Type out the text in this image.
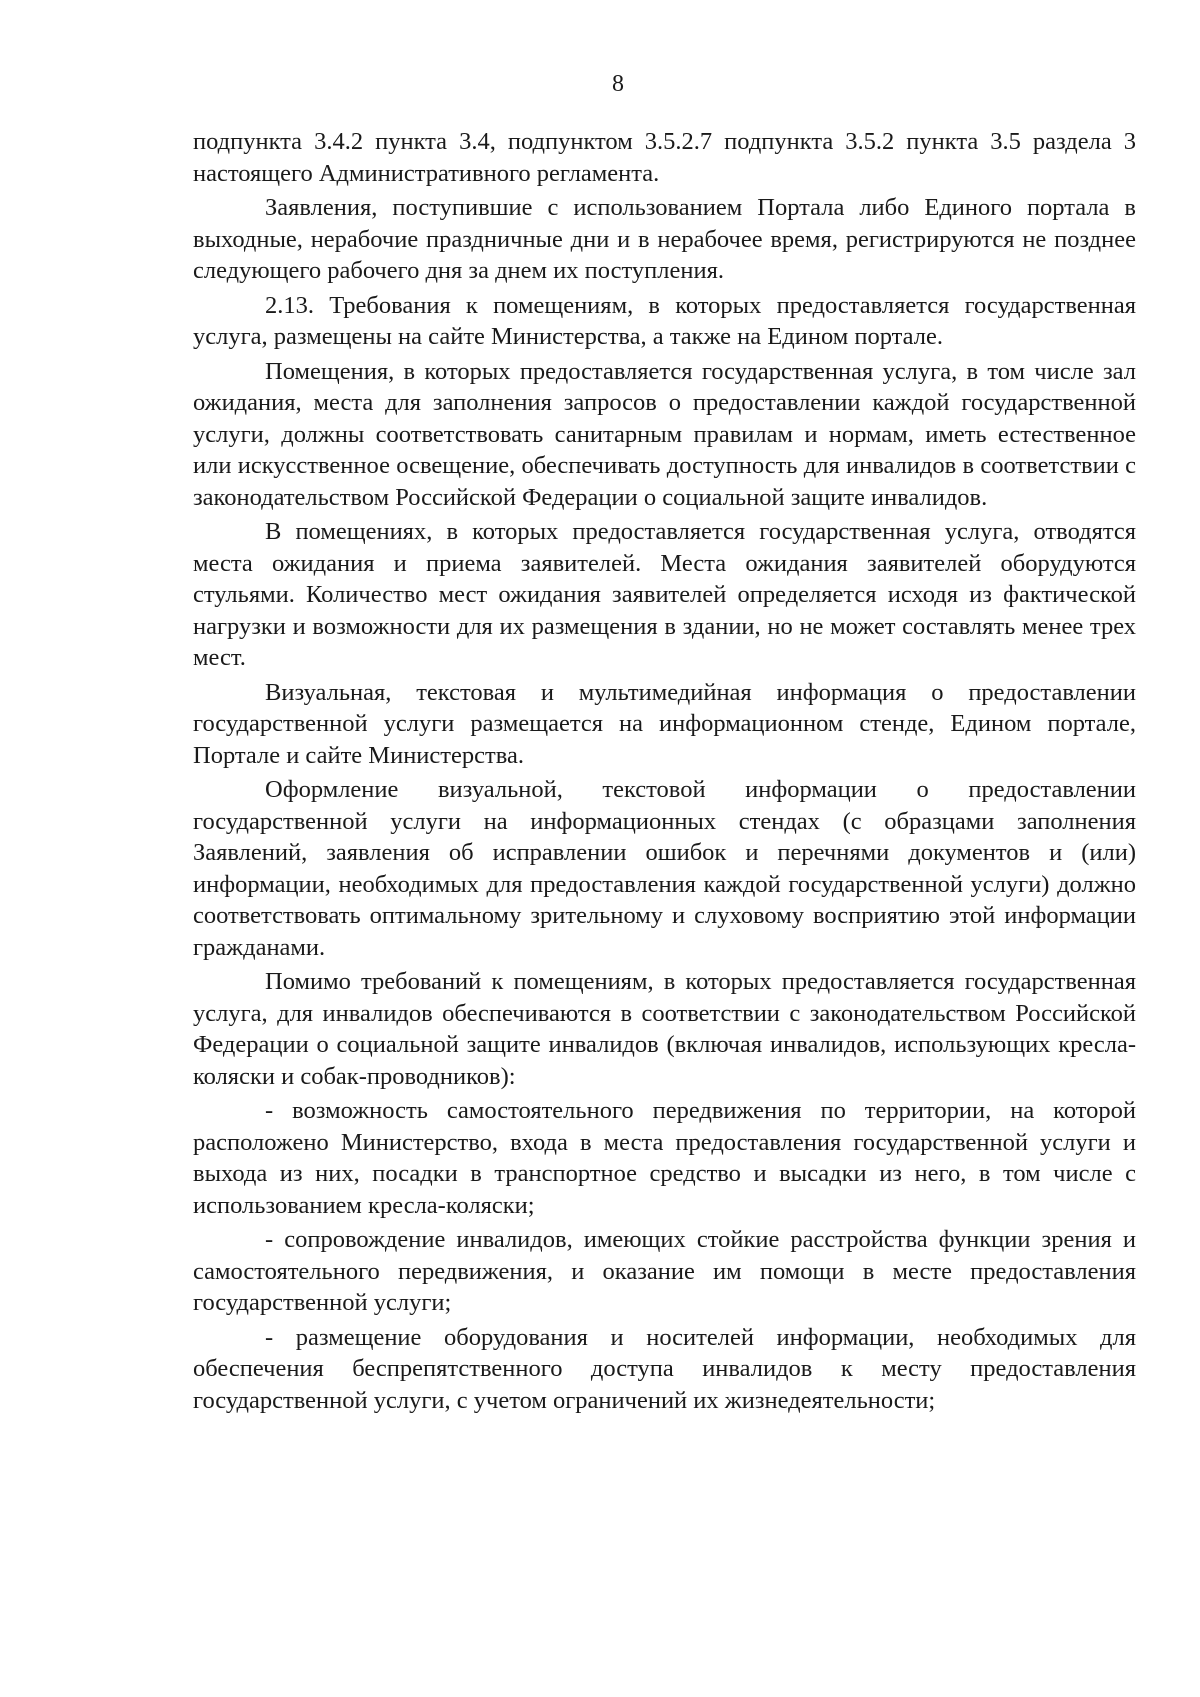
8

подпункта 3.4.2 пункта 3.4, подпунктом 3.5.2.7 подпункта 3.5.2 пункта 3.5 раздела 3 настоящего Административного регламента.

Заявления, поступившие с использованием Портала либо Единого портала в выходные, нерабочие праздничные дни и в нерабочее время, регистрируются не позднее следующего рабочего дня за днем их поступления.

2.13. Требования к помещениям, в которых предоставляется государственная услуга, размещены на сайте Министерства, а также на Едином портале.

Помещения, в которых предоставляется государственная услуга, в том числе зал ожидания, места для заполнения запросов о предоставлении каждой государственной услуги, должны соответствовать санитарным правилам и нормам, иметь естественное или искусственное освещение, обеспечивать доступность для инвалидов в соответствии с законодательством Российской Федерации о социальной защите инвалидов.

В помещениях, в которых предоставляется государственная услуга, отводятся места ожидания и приема заявителей. Места ожидания заявителей оборудуются стульями. Количество мест ожидания заявителей определяется исходя из фактической нагрузки и возможности для их размещения в здании, но не может составлять менее трех мест.

Визуальная, текстовая и мультимедийная информация о предоставлении государственной услуги размещается на информационном стенде, Едином портале, Портале и сайте Министерства.

Оформление визуальной, текстовой информации о предоставлении государственной услуги на информационных стендах (с образцами заполнения Заявлений, заявления об исправлении ошибок и перечнями документов и (или) информации, необходимых для предоставления каждой государственной услуги) должно соответствовать оптимальному зрительному и слуховому восприятию этой информации гражданами.

Помимо требований к помещениям, в которых предоставляется государственная услуга, для инвалидов обеспечиваются в соответствии с законодательством Российской Федерации о социальной защите инвалидов (включая инвалидов, использующих кресла-коляски и собак-проводников):

- возможность самостоятельного передвижения по территории, на которой расположено Министерство, входа в места предоставления государственной услуги и выхода из них, посадки в транспортное средство и высадки из него, в том числе с использованием кресла-коляски;

- сопровождение инвалидов, имеющих стойкие расстройства функции зрения и самостоятельного передвижения, и оказание им помощи в месте предоставления государственной услуги;

- размещение оборудования и носителей информации, необходимых для обеспечения беспрепятственного доступа инвалидов к месту предоставления государственной услуги, с учетом ограничений их жизнедеятельности;
